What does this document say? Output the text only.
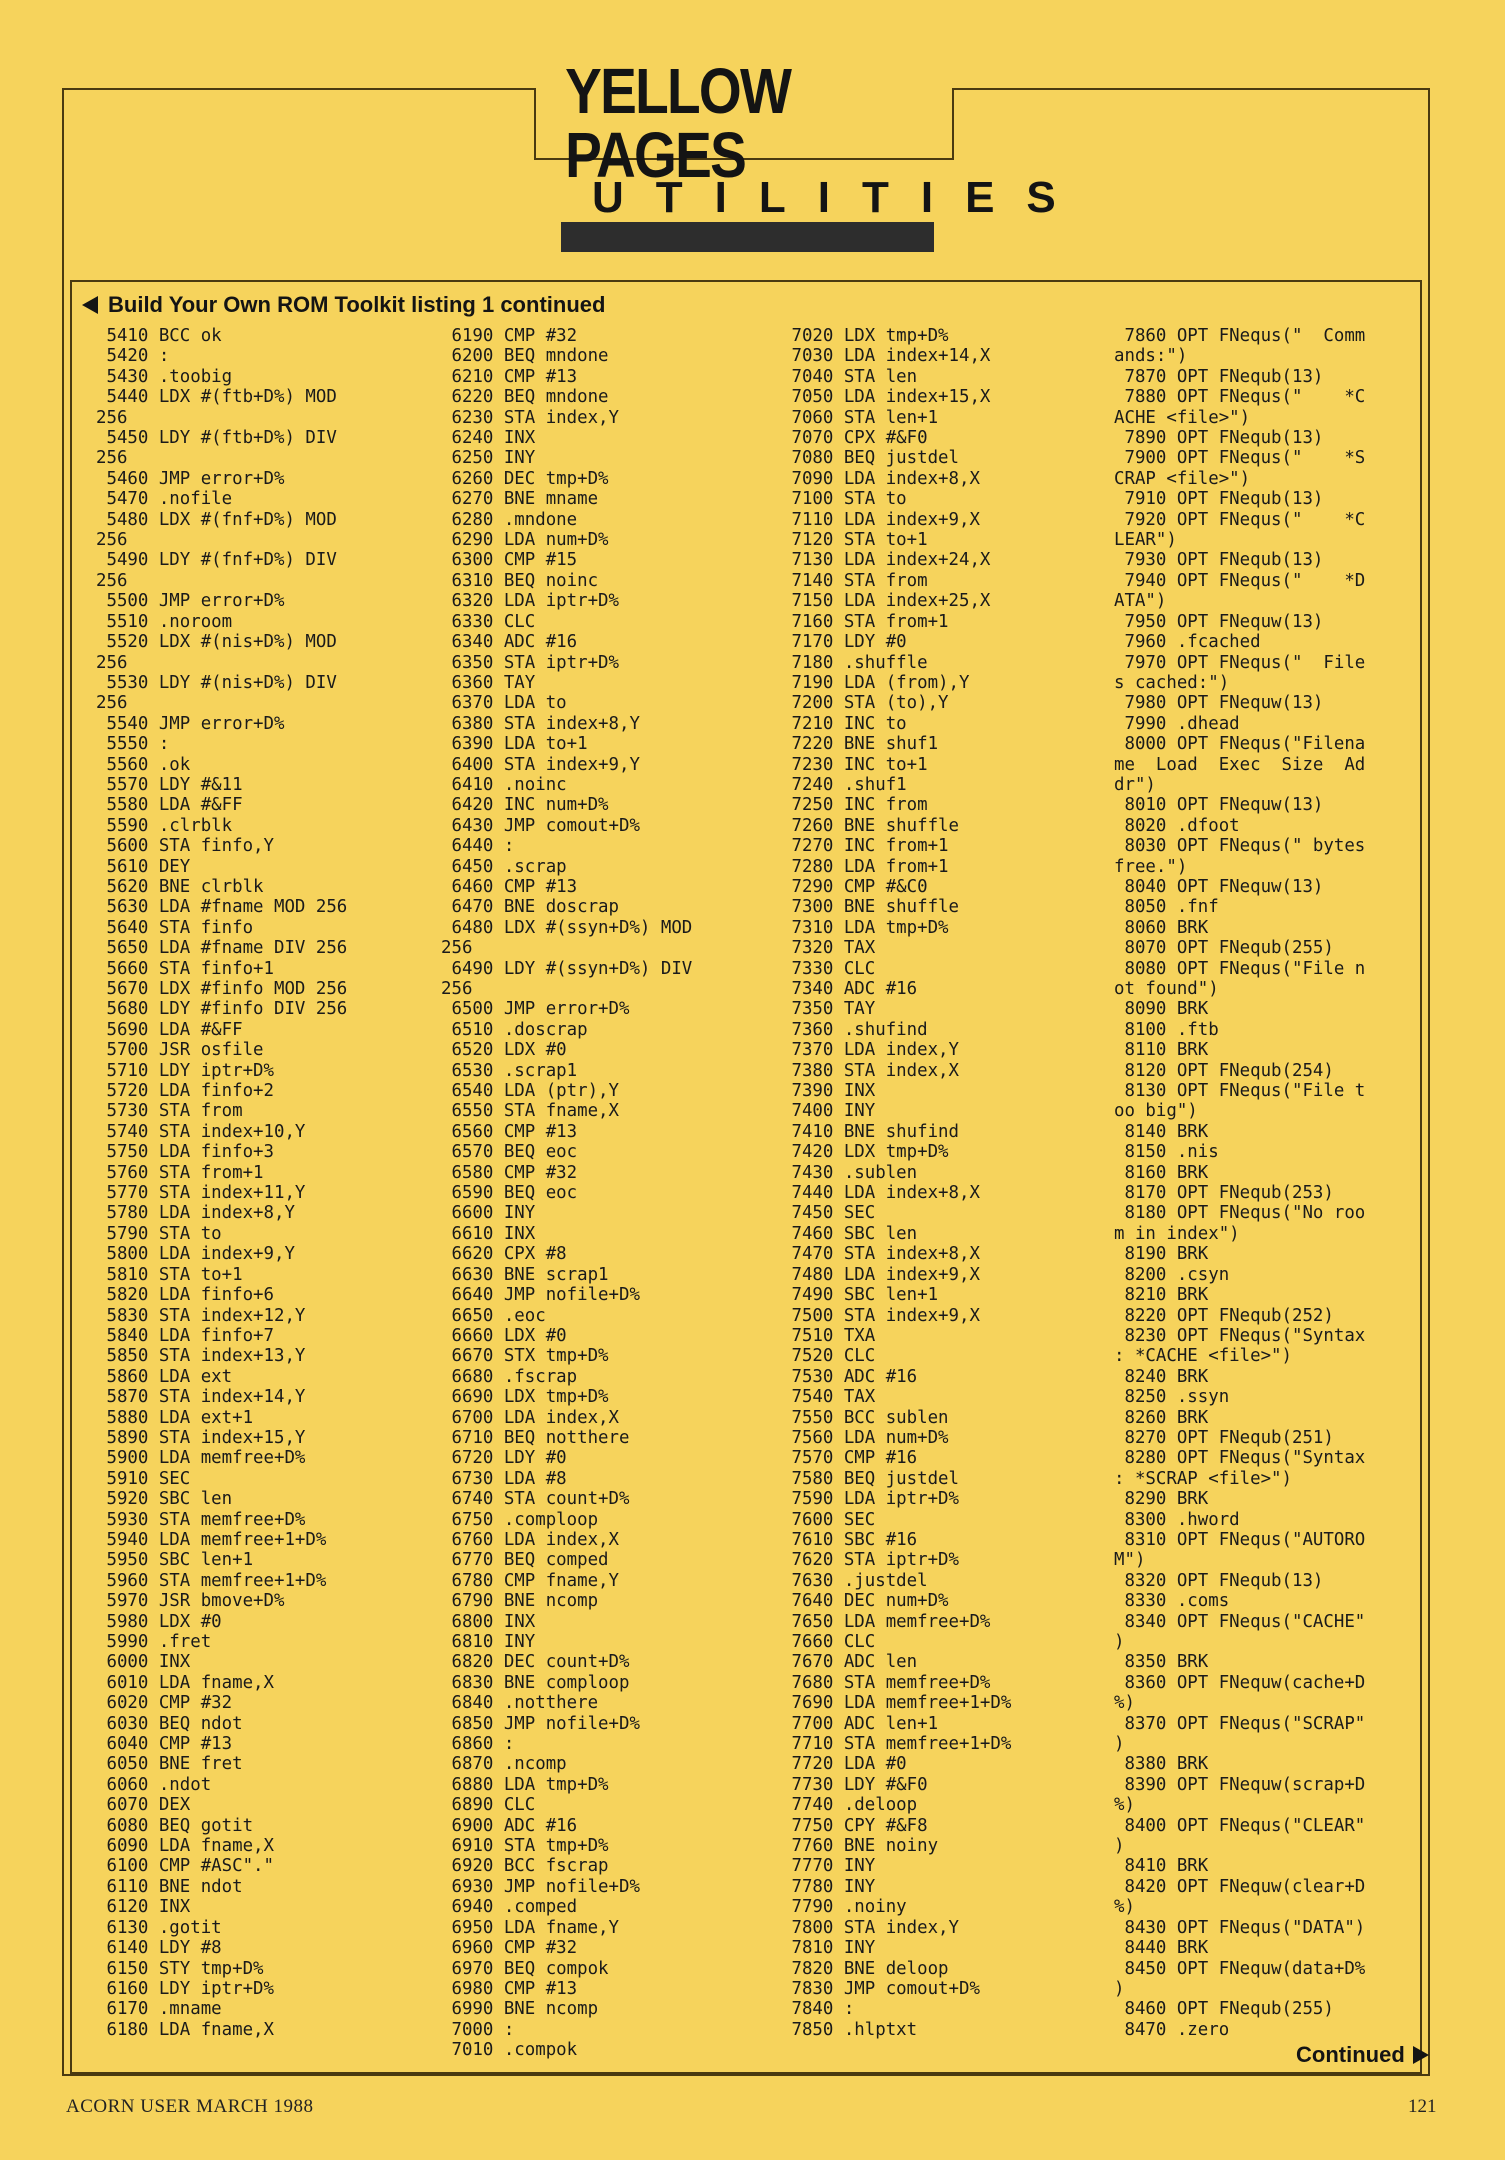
YELLOW PAGES
UTILITIES
Build Your Own ROM Toolkit listing 1 continued
5410 BCC ok
5420 :
5430 .toobig
5440 LDX #(ftb+D%) MOD
256
5450 LDY #(ftb+D%) DIV
256
5460 JMP error+D%
5470 .nofile
5480 LDX #(fnf+D%) MOD
256
5490 LDY #(fnf+D%) DIV
256
5500 JMP error+D%
5510 .noroom
5520 LDX #(nis+D%) MOD
256
5530 LDY #(nis+D%) DIV
256
5540 JMP error+D%
5550 :
5560 .ok
5570 LDY #&11
5580 LDA #&FF
5590 .clrblk
5600 STA finfo,Y
5610 DEY
5620 BNE clrblk
5630 LDA #fname MOD 256
5640 STA finfo
5650 LDA #fname DIV 256
5660 STA finfo+1
5670 LDX #finfo MOD 256
5680 LDY #finfo DIV 256
5690 LDA #&FF
5700 JSR osfile
5710 LDY iptr+D%
5720 LDA finfo+2
5730 STA from
5740 STA index+10,Y
5750 LDA finfo+3
5760 STA from+1
5770 STA index+11,Y
5780 LDA index+8,Y
5790 STA to
5800 LDA index+9,Y
5810 STA to+1
5820 LDA finfo+6
5830 STA index+12,Y
5840 LDA finfo+7
5850 STA index+13,Y
5860 LDA ext
5870 STA index+14,Y
5880 LDA ext+1
5890 STA index+15,Y
5900 LDA memfree+D%
5910 SEC
5920 SBC len
5930 STA memfree+D%
5940 LDA memfree+1+D%
5950 SBC len+1
5960 STA memfree+1+D%
5970 JSR bmove+D%
5980 LDX #0
5990 .fret
6000 INX
6010 LDA fname,X
6020 CMP #32
6030 BEQ ndot
6040 CMP #13
6050 BNE fret
6060 .ndot
6070 DEX
6080 BEQ gotit
6090 LDA fname,X
6100 CMP #ASC"."
6110 BNE ndot
6120 INX
6130 .gotit
6140 LDY #8
6150 STY tmp+D%
6160 LDY iptr+D%
6170 .mname
6180 LDA fname,X
6190 CMP #32
6200 BEQ mndone
6210 CMP #13
6220 BEQ mndone
6230 STA index,Y
6240 INX
6250 INY
6260 DEC tmp+D%
6270 BNE mname
6280 .mndone
6290 LDA num+D%
6300 CMP #15
6310 BEQ noinc
6320 LDA iptr+D%
6330 CLC
6340 ADC #16
6350 STA iptr+D%
6360 TAY
6370 LDA to
6380 STA index+8,Y
6390 LDA to+1
6400 STA index+9,Y
6410 .noinc
6420 INC num+D%
6430 JMP comout+D%
6440 :
6450 .scrap
6460 CMP #13
6470 BNE doscrap
6480 LDX #(ssyn+D%) MOD
256
6490 LDY #(ssyn+D%) DIV
256
6500 JMP error+D%
6510 .doscrap
6520 LDX #0
6530 .scrap1
6540 LDA (ptr),Y
6550 STA fname,X
6560 CMP #13
6570 BEQ eoc
6580 CMP #32
6590 BEQ eoc
6600 INY
6610 INX
6620 CPX #8
6630 BNE scrap1
6640 JMP nofile+D%
6650 .eoc
6660 LDX #0
6670 STX tmp+D%
6680 .fscrap
6690 LDX tmp+D%
6700 LDA index,X
6710 BEQ notthere
6720 LDY #0
6730 LDA #8
6740 STA count+D%
6750 .comploop
6760 LDA index,X
6770 BEQ comped
6780 CMP fname,Y
6790 BNE ncomp
6800 INX
6810 INY
6820 DEC count+D%
6830 BNE comploop
6840 .notthere
6850 JMP nofile+D%
6860 :
6870 .ncomp
6880 LDA tmp+D%
6890 CLC
6900 ADC #16
6910 STA tmp+D%
6920 BCC fscrap
6930 JMP nofile+D%
6940 .comped
6950 LDA fname,Y
6960 CMP #32
6970 BEQ compok
6980 CMP #13
6990 BNE ncomp
7000 :
7010 .compok
7020 LDX tmp+D%
7030 LDA index+14,X
7040 STA len
7050 LDA index+15,X
7060 STA len+1
7070 CPX #&F0
7080 BEQ justdel
7090 LDA index+8,X
7100 STA to
7110 LDA index+9,X
7120 STA to+1
7130 LDA index+24,X
7140 STA from
7150 LDA index+25,X
7160 STA from+1
7170 LDY #0
7180 .shuffle
7190 LDA (from),Y
7200 STA (to),Y
7210 INC to
7220 BNE shuf1
7230 INC to+1
7240 .shuf1
7250 INC from
7260 BNE shuffle
7270 INC from+1
7280 LDA from+1
7290 CMP #&C0
7300 BNE shuffle
7310 LDA tmp+D%
7320 TAX
7330 CLC
7340 ADC #16
7350 TAY
7360 .shufind
7370 LDA index,Y
7380 STA index,X
7390 INX
7400 INY
7410 BNE shufind
7420 LDX tmp+D%
7430 .sublen
7440 LDA index+8,X
7450 SEC
7460 SBC len
7470 STA index+8,X
7480 LDA index+9,X
7490 SBC len+1
7500 STA index+9,X
7510 TXA
7520 CLC
7530 ADC #16
7540 TAX
7550 BCC sublen
7560 LDA num+D%
7570 CMP #16
7580 BEQ justdel
7590 LDA iptr+D%
7600 SEC
7610 SBC #16
7620 STA iptr+D%
7630 .justdel
7640 DEC num+D%
7650 LDA memfree+D%
7660 CLC
7670 ADC len
7680 STA memfree+D%
7690 LDA memfree+1+D%
7700 ADC len+1
7710 STA memfree+1+D%
7720 LDA #0
7730 LDY #&F0
7740 .deloop
7750 CPY #&F8
7760 BNE noiny
7770 INY
7780 INY
7790 .noiny
7800 STA index,Y
7810 INY
7820 BNE deloop
7830 JMP comout+D%
7840 :
7850 .hlptxt
7860 OPT FNequs("  Comm
ands:")
7870 OPT FNequb(13)
7880 OPT FNequs("    *C
ACHE <file>")
7890 OPT FNequb(13)
7900 OPT FNequs("    *S
CRAP <file>")
7910 OPT FNequb(13)
7920 OPT FNequs("    *C
LEAR")
7930 OPT FNequb(13)
7940 OPT FNequs("    *D
ATA")
7950 OPT FNequw(13)
7960 .fcached
7970 OPT FNequs("  File
s cached:")
7980 OPT FNequw(13)
7990 .dhead
8000 OPT FNequs("Filena
me  Load  Exec  Size  Ad
dr")
8010 OPT FNequw(13)
8020 .dfoot
8030 OPT FNequs(" bytes
free.")
8040 OPT FNequw(13)
8050 .fnf
8060 BRK
8070 OPT FNequb(255)
8080 OPT FNequs("File n
ot found")
8090 BRK
8100 .ftb
8110 BRK
8120 OPT FNequb(254)
8130 OPT FNequs("File t
oo big")
8140 BRK
8150 .nis
8160 BRK
8170 OPT FNequb(253)
8180 OPT FNequs("No roo
m in index")
8190 BRK
8200 .csyn
8210 BRK
8220 OPT FNequb(252)
8230 OPT FNequs("Syntax
: *CACHE <file>")
8240 BRK
8250 .ssyn
8260 BRK
8270 OPT FNequb(251)
8280 OPT FNequs("Syntax
: *SCRAP <file>")
8290 BRK
8300 .hword
8310 OPT FNequs("AUTORO
M")
8320 OPT FNequb(13)
8330 .coms
8340 OPT FNequs("CACHE"
)
8350 BRK
8360 OPT FNequw(cache+D
%)
8370 OPT FNequs("SCRAP"
)
8380 BRK
8390 OPT FNequw(scrap+D
%)
8400 OPT FNequs("CLEAR"
)
8410 BRK
8420 OPT FNequw(clear+D
%)
8430 OPT FNequs("DATA")
8440 BRK
8450 OPT FNequw(data+D%
)
8460 OPT FNequb(255)
8470 .zero
Continued
ACORN USER MARCH 1988	121
